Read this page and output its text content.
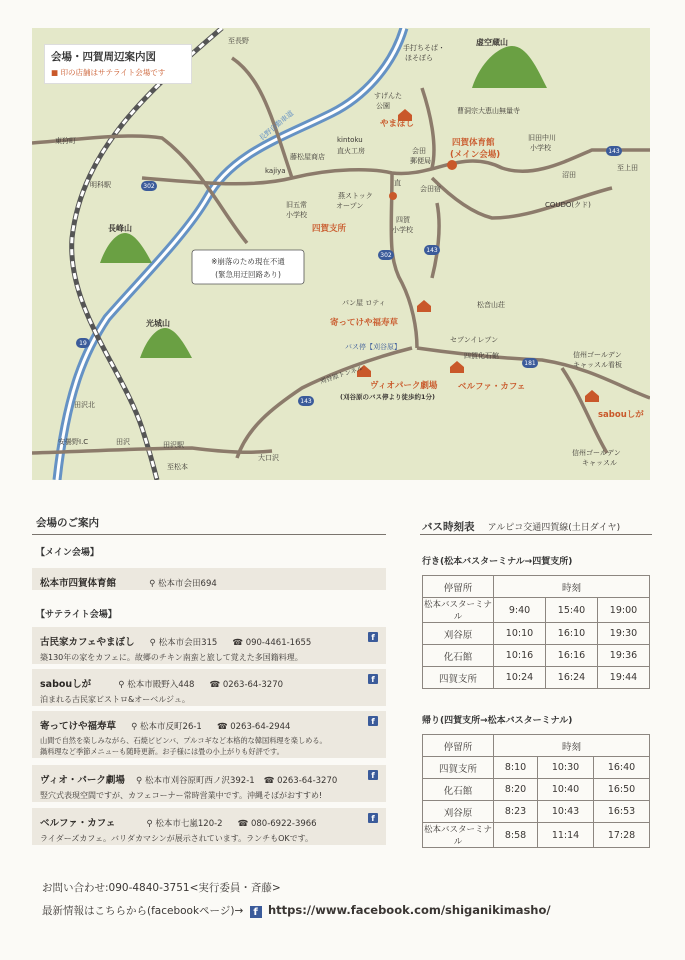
302
302
143
143
143
19
181
※崩落のため現在不通
(緊急用迂回路あり)
長野自動車道
刈谷原トンネル
会場・四賀周辺案内図
■ 印の店舗はサテライト会場です
虚空蔵山
長峰山
光城山
至長野
手打ちそば・
ほそぼら
すげんた
公園
曹洞宗大恵山無量寺
やまぼし
kintoku
直火工房	会田
郵便局
四賀体育館
(メイン会場)
旧田中川
小学校
東狩町
藤松屋商店
kajiya
旧五常
小学校
燕ストック
オープン
直
会田宿
四賀支所
四賀
小学校
沼田
至上田
COUDO(クド)
明科駅
パン屋 ロティ
寄ってけや福寿草
松音山荘
セブンイレブン
バス停【刈谷原】
四賀化石館
ヴィオパーク劇場
(刈谷原のバス停より徒歩約1分)
ベルファ・カフェ
信州ゴールデン
キャッスル看板
sabouしが
信州ゴールデン
キャッスル
田沢北
安曇野I.C	田沢	田沢駅
至松本
大口沢
会場のご案内
【メイン会場】
松本市四賀体育館	⚲ 松本市会田694
【サテライト会場】
古民家カフェやまぼし ⚲ 松本市会田315 ☎ 090-4461-1655
築130年の家をカフェに。故郷のチキン南蛮と旅して覚えた多国籍料理。
f
sabouしが	⚲ 松本市殿野入448 ☎ 0263-64-3270
泊まれる古民家ビストロ&オーベルジュ。
f
寄ってけや福寿草 ⚲ 松本市反町26-1 ☎ 0263-64-2944
山間で自然を楽しみながら、石焼ビビンバ、プルコギなど本格的な韓国料理を楽しめる。
鍋料理など季節メニューも随時更新。お子様には畳の小上がりも好評です。
f
ヴィオ・パーク劇場 ⚲ 松本市刈谷原町西ノ沢392-1 ☎ 0263-64-3270
竪穴式表現空間ですが、カフェコーナー常時営業中です。沖縄そばがおすすめ!
f
ベルファ・カフェ	⚲ 松本市七嵐120-2 ☎ 080-6922-3966
ライダーズカフェ。バリダカマシンが展示されています。ランチもOKです。
f
バス時刻表 アルピコ交通四賀線(土日ダイヤ)
行き(松本バスターミナル→四賀支所)
停留所	時刻		
松本バスターミナル	9:40	15:40	19:00
刈谷原	10:10	16:10	19:30
化石館	10:16	16:16	19:36
四賀支所	10:24	16:24	19:44
帰り(四賀支所→松本バスターミナル)
停留所	時刻		
四賀支所	8:10	10:30	16:40
化石館	8:20	10:40	16:50
刈谷原	8:23	10:43	16:53
松本バスターミナル	8:58	11:14	17:28
お問い合わせ:090-4840-3751<実行委員・斉藤>
最新情報はこちらから(facebookページ)→ f https://www.facebook.com/shiganikimasho/
